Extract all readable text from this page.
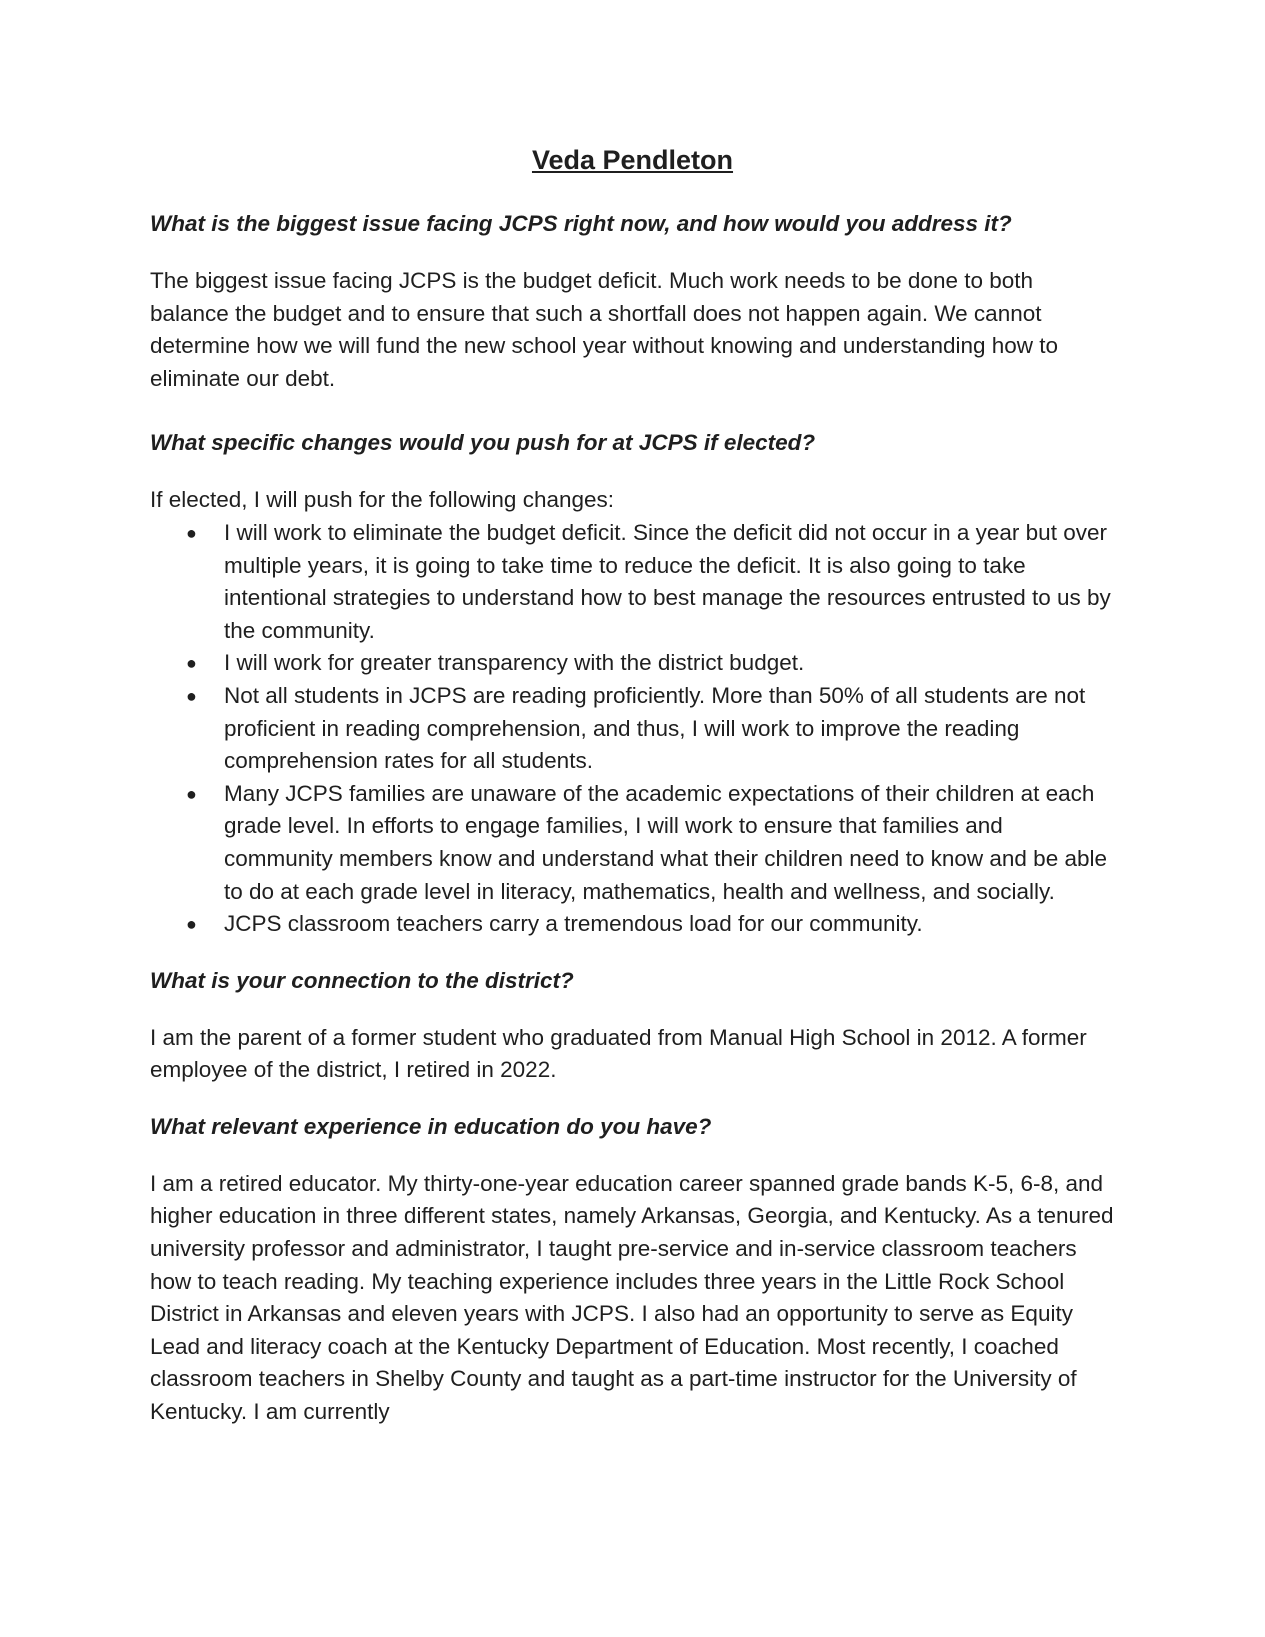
Veda Pendleton

What is the biggest issue facing JCPS right now, and how would you address it?

The biggest issue facing JCPS is the budget deficit. Much work needs to be done to both balance the budget and to ensure that such a shortfall does not happen again. We cannot determine how we will fund the new school year without knowing and understanding how to eliminate our debt.

What specific changes would you push for at JCPS if elected?

If elected, I will push for the following changes:

● I will work to eliminate the budget deficit. Since the deficit did not occur in a year but over multiple years, it is going to take time to reduce the deficit. It is also going to take intentional strategies to understand how to best manage the resources entrusted to us by the community.
● I will work for greater transparency with the district budget.
● Not all students in JCPS are reading proficiently. More than 50% of all students are not proficient in reading comprehension, and thus, I will work to improve the reading comprehension rates for all students.
● Many JCPS families are unaware of the academic expectations of their children at each grade level. In efforts to engage families, I will work to ensure that families and community members know and understand what their children need to know and be able to do at each grade level in literacy, mathematics, health and wellness, and socially.
● JCPS classroom teachers carry a tremendous load for our community.

What is your connection to the district?

I am the parent of a former student who graduated from Manual High School in 2012. A former employee of the district, I retired in 2022.

What relevant experience in education do you have?

I am a retired educator. My thirty-one-year education career spanned grade bands K-5, 6-8, and higher education in three different states, namely Arkansas, Georgia, and Kentucky. As a tenured university professor and administrator, I taught pre-service and in-service classroom teachers how to teach reading. My teaching experience includes three years in the Little Rock School District in Arkansas and eleven years with JCPS. I also had an opportunity to serve as Equity Lead and literacy coach at the Kentucky Department of Education. Most recently, I coached classroom teachers in Shelby County and taught as a part-time instructor for the University of Kentucky. I am currently
